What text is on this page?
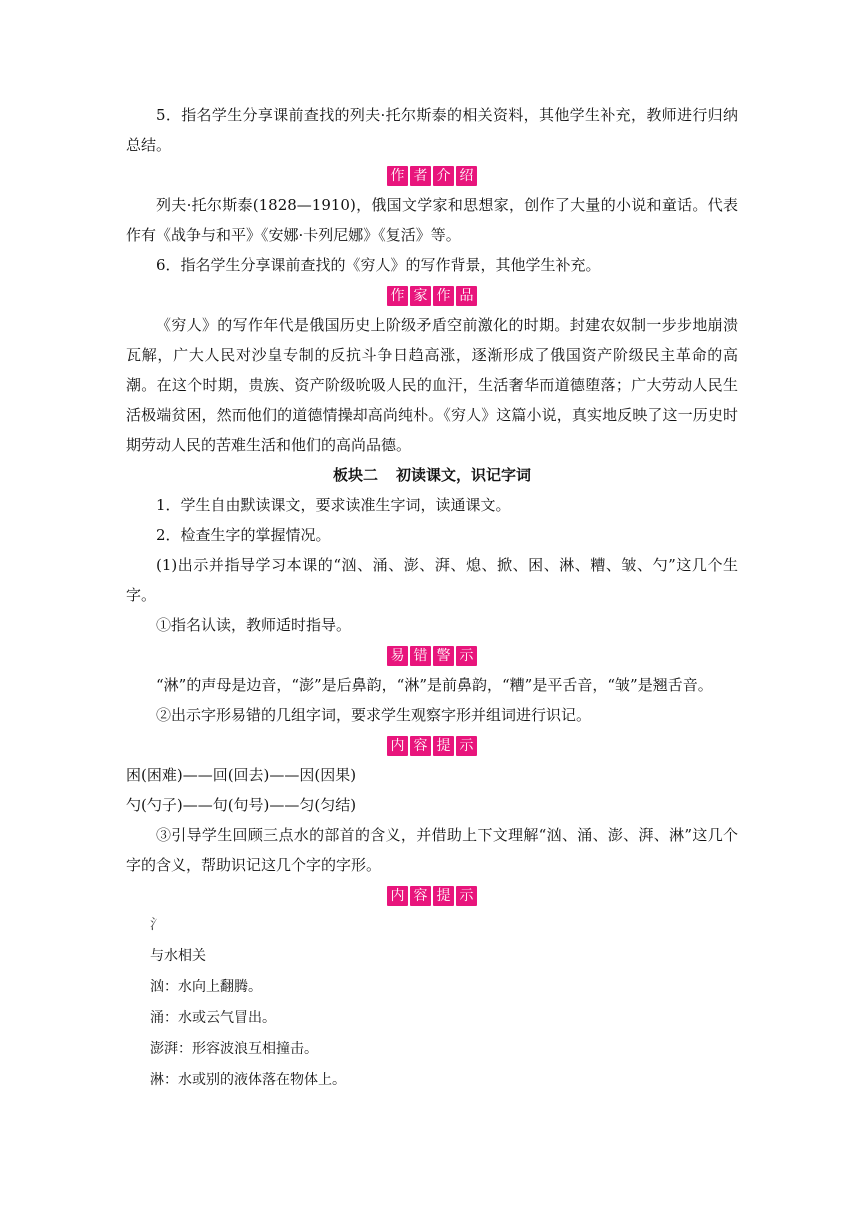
5．指名学生分享课前查找的列夫·托尔斯泰的相关资料，其他学生补充，教师进行归纳总结。

作 者 介 绍

列夫·托尔斯泰(1828—1910)，俄国文学家和思想家，创作了大量的小说和童话。代表作有《战争与和平》《安娜·卡列尼娜》《复活》等。

6．指名学生分享课前查找的《穷人》的写作背景，其他学生补充。

作 家 作 品

《穷人》的写作年代是俄国历史上阶级矛盾空前激化的时期。封建农奴制一步步地崩溃瓦解，广大人民对沙皇专制的反抗斗争日趋高涨，逐渐形成了俄国资产阶级民主革命的高潮。在这个时期，贵族、资产阶级吮吸人民的血汗，生活奢华而道德堕落；广大劳动人民生活极端贫困，然而他们的道德情操却高尚纯朴。《穷人》这篇小说，真实地反映了这一历史时期劳动人民的苦难生活和他们的高尚品德。

板块二 初读课文，识记字词

1．学生自由默读课文，要求读准生字词，读通课文。

2．检查生字的掌握情况。

(1)出示并指导学习本课的“汹、涌、澎、湃、熄、掀、困、淋、糟、皱、勺”这几个生字。

①指名认读，教师适时指导。

易 错 警 示

“淋”的声母是边音，“澎”是后鼻韵，“淋”是前鼻韵，“糟”是平舌音，“皱”是翘舌音。

②出示字形易错的几组字词，要求学生观察字形并组词进行识记。

内 容 提 示

困(困难)——回(回去)——因(因果)

勺(勺子)——句(句号)——匀(匀结)

③引导学生回顾三点水的部首的含义，并借助上下文理解“汹、涌、澎、湃、淋”这几个字的含义，帮助识记这几个字的字形。

内 容 提 示

氵

与水相关

汹：水向上翻腾。

涌：水或云气冒出。

澎湃：形容波浪互相撞击。

淋：水或别的液体落在物体上。
